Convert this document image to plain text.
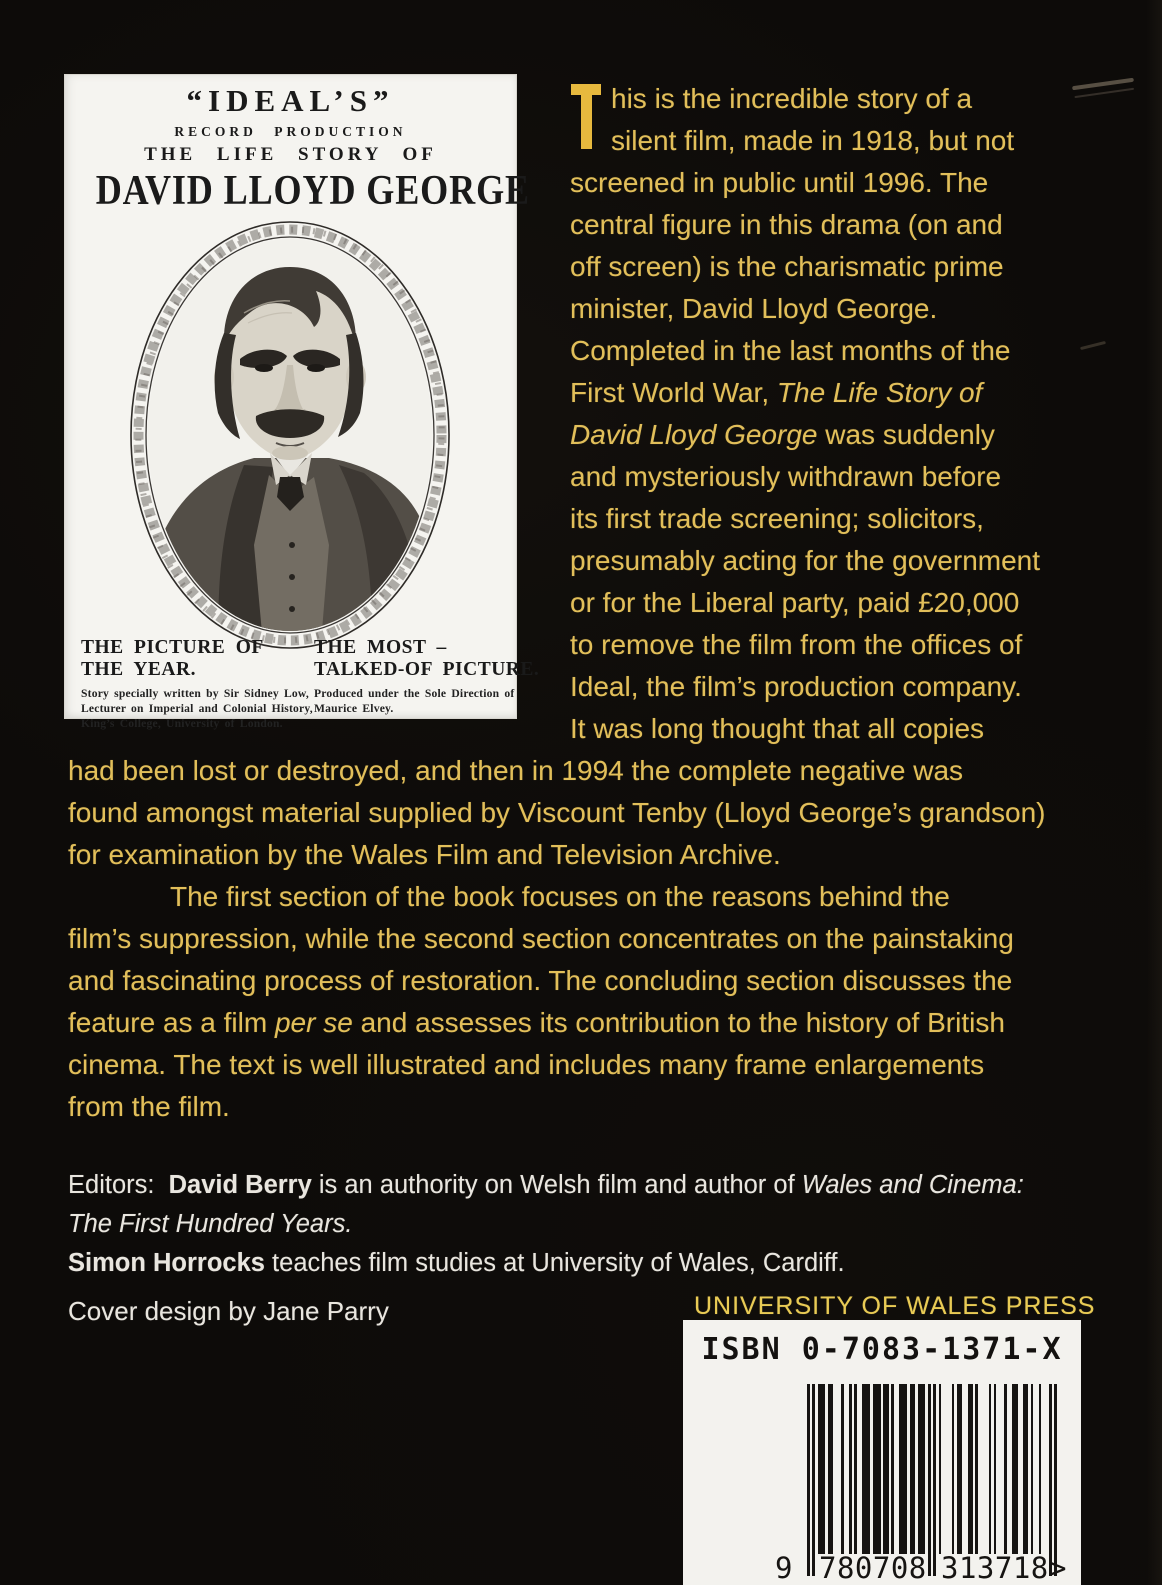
“IDEAL’S”
RECORD PRODUCTION
THE LIFE STORY OF
DAVID LLOYD GEORGE
THE PICTURE OF
THE YEAR.
Story specially written by Sir Sidney Low,
Lecturer on Imperial and Colonial History,
King’s College, University of London.
THE MOST –
TALKED-OF PICTURE.
Produced under the Sole Direction of
Maurice Elvey.
his is the incredible story of a
silent film, made in 1918, but not
screened in public until 1996. The
central figure in this drama (on and
off screen) is the charismatic prime
minister, David Lloyd George.
Completed in the last months of the
First World War, The Life Story of
David Lloyd George was suddenly
and mysteriously withdrawn before
its first trade screening; solicitors,
presumably acting for the government
or for the Liberal party, paid £20,000
to remove the film from the offices of
Ideal, the film’s production company.
It was long thought that all copies
had been lost or destroyed, and then in 1994 the complete negative was
found amongst material supplied by Viscount Tenby (Lloyd George’s grandson)
for examination by the Wales Film and Television Archive.
The first section of the book focuses on the reasons behind the
film’s suppression, while the second section concentrates on the painstaking
and fascinating process of restoration. The concluding section discusses the
feature as a film per se and assesses its contribution to the history of British
cinema. The text is well illustrated and includes many frame enlargements
from the film.
Editors:  David Berry is an authority on Welsh film and author of Wales and Cinema:
The First Hundred Years.
Simon Horrocks teaches film studies at University of Wales, Cardiff.
Cover design by Jane Parry	UNIVERSITY OF WALES PRESS
ISBN 0-7083-1371-X
9 780708 313718 >
